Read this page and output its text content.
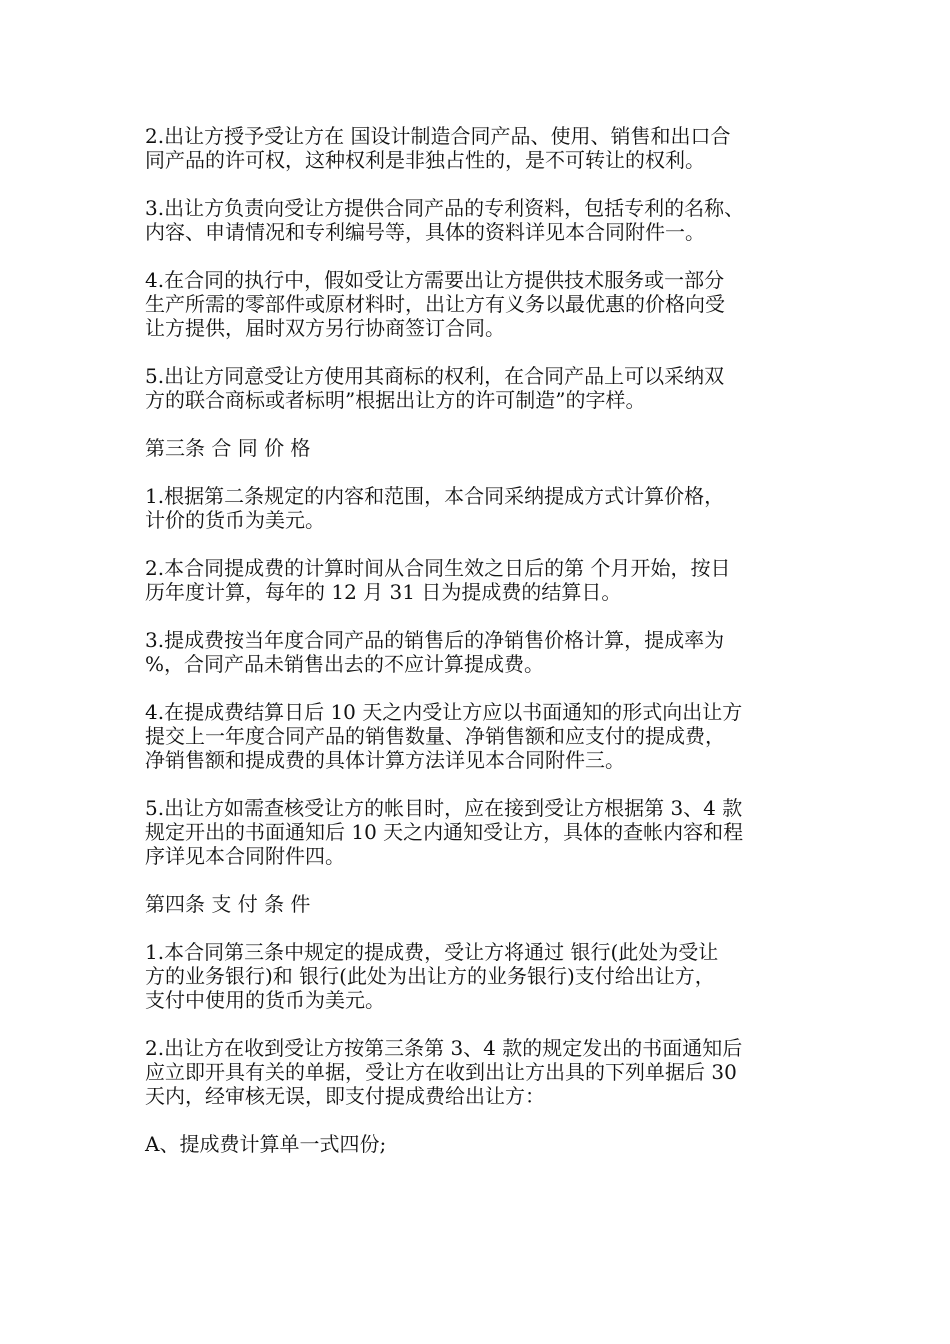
2.出让方授予受让方在 国设计制造合同产品、使用、销售和出口合
同产品的许可权，这种权利是非独占性的，是不可转让的权利。

3.出让方负责向受让方提供合同产品的专利资料，包括专利的名称、
内容、申请情况和专利编号等，具体的资料详见本合同附件一。

4.在合同的执行中，假如受让方需要出让方提供技术服务或一部分
生产所需的零部件或原材料时，出让方有义务以最优惠的价格向受
让方提供，届时双方另行协商签订合同。

5.出让方同意受让方使用其商标的权利，在合同产品上可以采纳双
方的联合商标或者标明”根据出让方的许可制造”的字样。

第三条 合 同 价 格

1.根据第二条规定的内容和范围，本合同采纳提成方式计算价格，
计价的货币为美元。

2.本合同提成费的计算时间从合同生效之日后的第 个月开始，按日
历年度计算，每年的 12 月 31 日为提成费的结算日。

3.提成费按当年度合同产品的销售后的净销售价格计算，提成率为
%，合同产品未销售出去的不应计算提成费。

4.在提成费结算日后 10 天之内受让方应以书面通知的形式向出让方
提交上一年度合同产品的销售数量、净销售额和应支付的提成费，
净销售额和提成费的具体计算方法详见本合同附件三。

5.出让方如需查核受让方的帐目时，应在接到受让方根据第 3、4 款
规定开出的书面通知后 10 天之内通知受让方，具体的查帐内容和程
序详见本合同附件四。

第四条 支 付 条 件

1.本合同第三条中规定的提成费，受让方将通过 银行(此处为受让
方的业务银行)和 银行(此处为出让方的业务银行)支付给出让方，
支付中使用的货币为美元。

2.出让方在收到受让方按第三条第 3、4 款的规定发出的书面通知后
应立即开具有关的单据，受让方在收到出让方出具的下列单据后 30
天内，经审核无误，即支付提成费给出让方：

A、提成费计算单一式四份;
